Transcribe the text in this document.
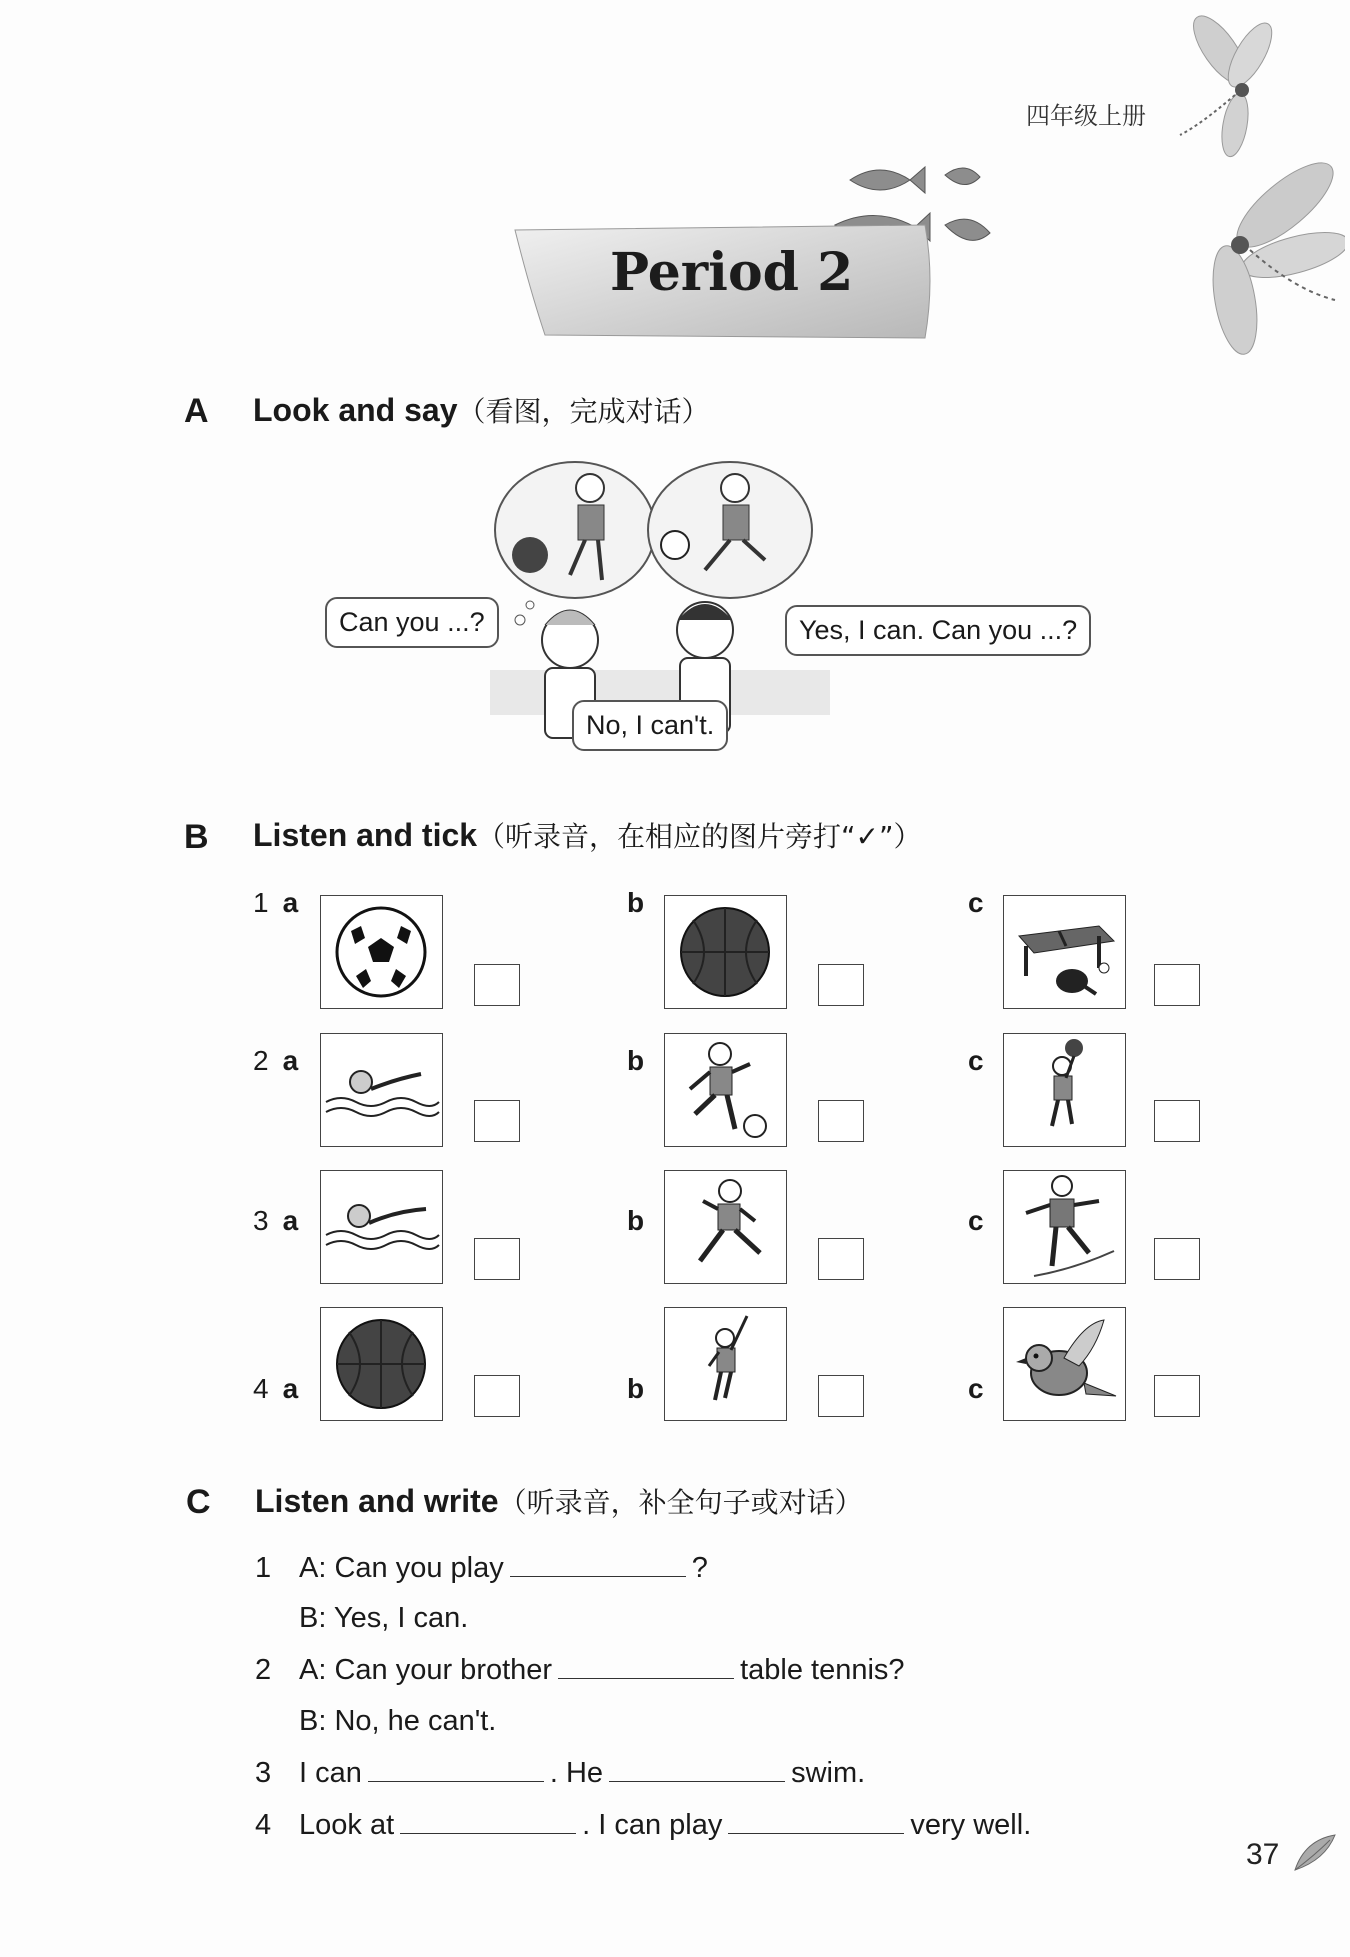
四年级上册
Period 2
A Look and say（看图，完成对话）
Can you ...?	Yes, I can. Can you ...?
No, I can't.
B Listen and tick（听录音，在相应的图片旁打“✓”）
1 a	b	c
2 a	b	c
3 a	b	c
4 a	b	c
C Listen and write（听录音，补全句子或对话）
1 A: Can you play	?
B: Yes, I can.
2 A: Can your brother	table tennis?
B: No, he can't.
3 I can	. He	swim.
4 Look at	. I can play	very well.
37
